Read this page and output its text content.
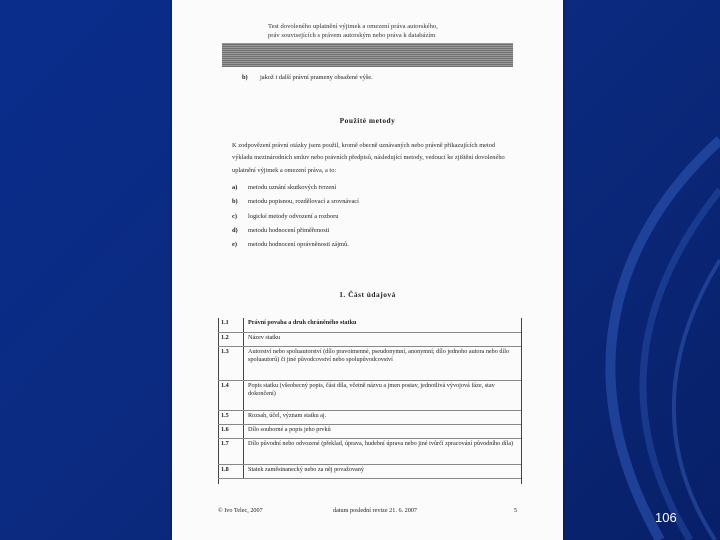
Test dovoleného uplatnění výjimek a omezení práva autorského,
práv souvisejících s právem autorským nebo práva k databázím
b) jakož i další právní prameny obsažené výše.
Použité metody
K zodpovězení právní otázky jsem použil, kromě obecně uznávaných nebo právně přikazujících metod výkladu mezinárodních smluv nebo právních předpisů, následující metody, vedoucí ke zjištění dovoleného uplatnění výjimek a omezení práva, a to:
a) metodu uznání skutkových tvrzení
b) metodu popisnou, rozdělovací a srovnávací
c) logické metody odvození a rozboru
d) metodu hodnocení přiměřenosti
e) metodu hodnocení oprávněnosti zájmů.
1. Část údajová
1.1	Právní povaha a druh chráněného statku
1.2	Název statku
1.3	Autorství nebo spoluautorství (dílo pravoimenné, pseudonymní, anonymní; dílo jednoho autora nebo dílo spoluautorů) či jiné původcovství nebo spolupůvodcovství
1.4	Popis statku (všeobecný popis, část díla, včetně názvu a jmen postav, jednotlivá vývojová fáze, stav dokončení)
1.5	Rozsah, účel, význam statku aj.
1.6	Dílo souborné a popis jeho prvků
1.7	Dílo původní nebo odvozené (překlad, úprava, hudební úprava nebo jiné tvůrčí zpracování původního díla)
1.8	Statek zaměstnanecký nebo za něj považovaný
© Ivo Telec, 2007	datum poslední revize 21. 6. 2007	5	106
